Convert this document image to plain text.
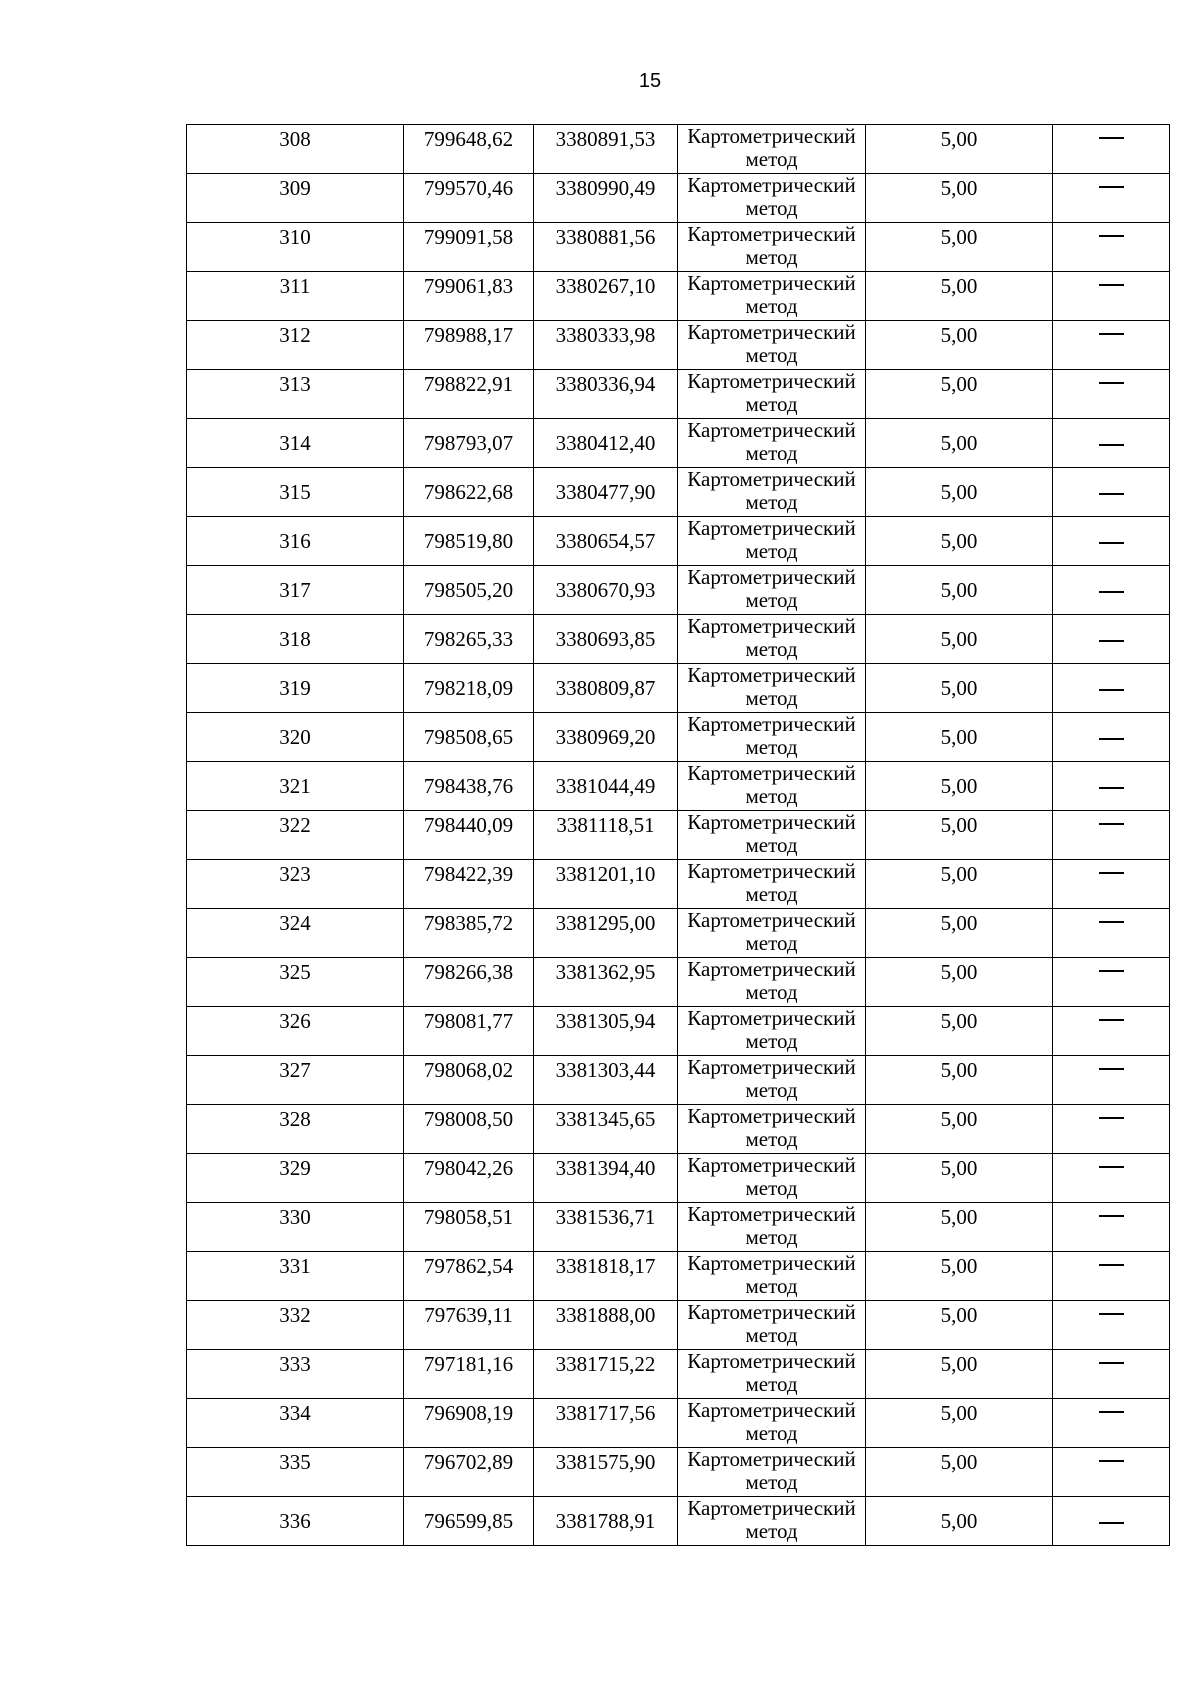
15
308	799648,62	3380891,53	Картометрический метод	5,00	
309	799570,46	3380990,49	Картометрический метод	5,00	
310	799091,58	3380881,56	Картометрический метод	5,00	
311	799061,83	3380267,10	Картометрический метод	5,00	
312	798988,17	3380333,98	Картометрический метод	5,00	
313	798822,91	3380336,94	Картометрический метод	5,00	
314	798793,07	3380412,40	Картометрический метод	5,00	
315	798622,68	3380477,90	Картометрический метод	5,00	
316	798519,80	3380654,57	Картометрический метод	5,00	
317	798505,20	3380670,93	Картометрический метод	5,00	
318	798265,33	3380693,85	Картометрический метод	5,00	
319	798218,09	3380809,87	Картометрический метод	5,00	
320	798508,65	3380969,20	Картометрический метод	5,00	
321	798438,76	3381044,49	Картометрический метод	5,00	
322	798440,09	3381118,51	Картометрический метод	5,00	
323	798422,39	3381201,10	Картометрический метод	5,00	
324	798385,72	3381295,00	Картометрический метод	5,00	
325	798266,38	3381362,95	Картометрический метод	5,00	
326	798081,77	3381305,94	Картометрический метод	5,00	
327	798068,02	3381303,44	Картометрический метод	5,00	
328	798008,50	3381345,65	Картометрический метод	5,00	
329	798042,26	3381394,40	Картометрический метод	5,00	
330	798058,51	3381536,71	Картометрический метод	5,00	
331	797862,54	3381818,17	Картометрический метод	5,00	
332	797639,11	3381888,00	Картометрический метод	5,00	
333	797181,16	3381715,22	Картометрический метод	5,00	
334	796908,19	3381717,56	Картометрический метод	5,00	
335	796702,89	3381575,90	Картометрический метод	5,00	
336	796599,85	3381788,91	Картометрический метод	5,00	
